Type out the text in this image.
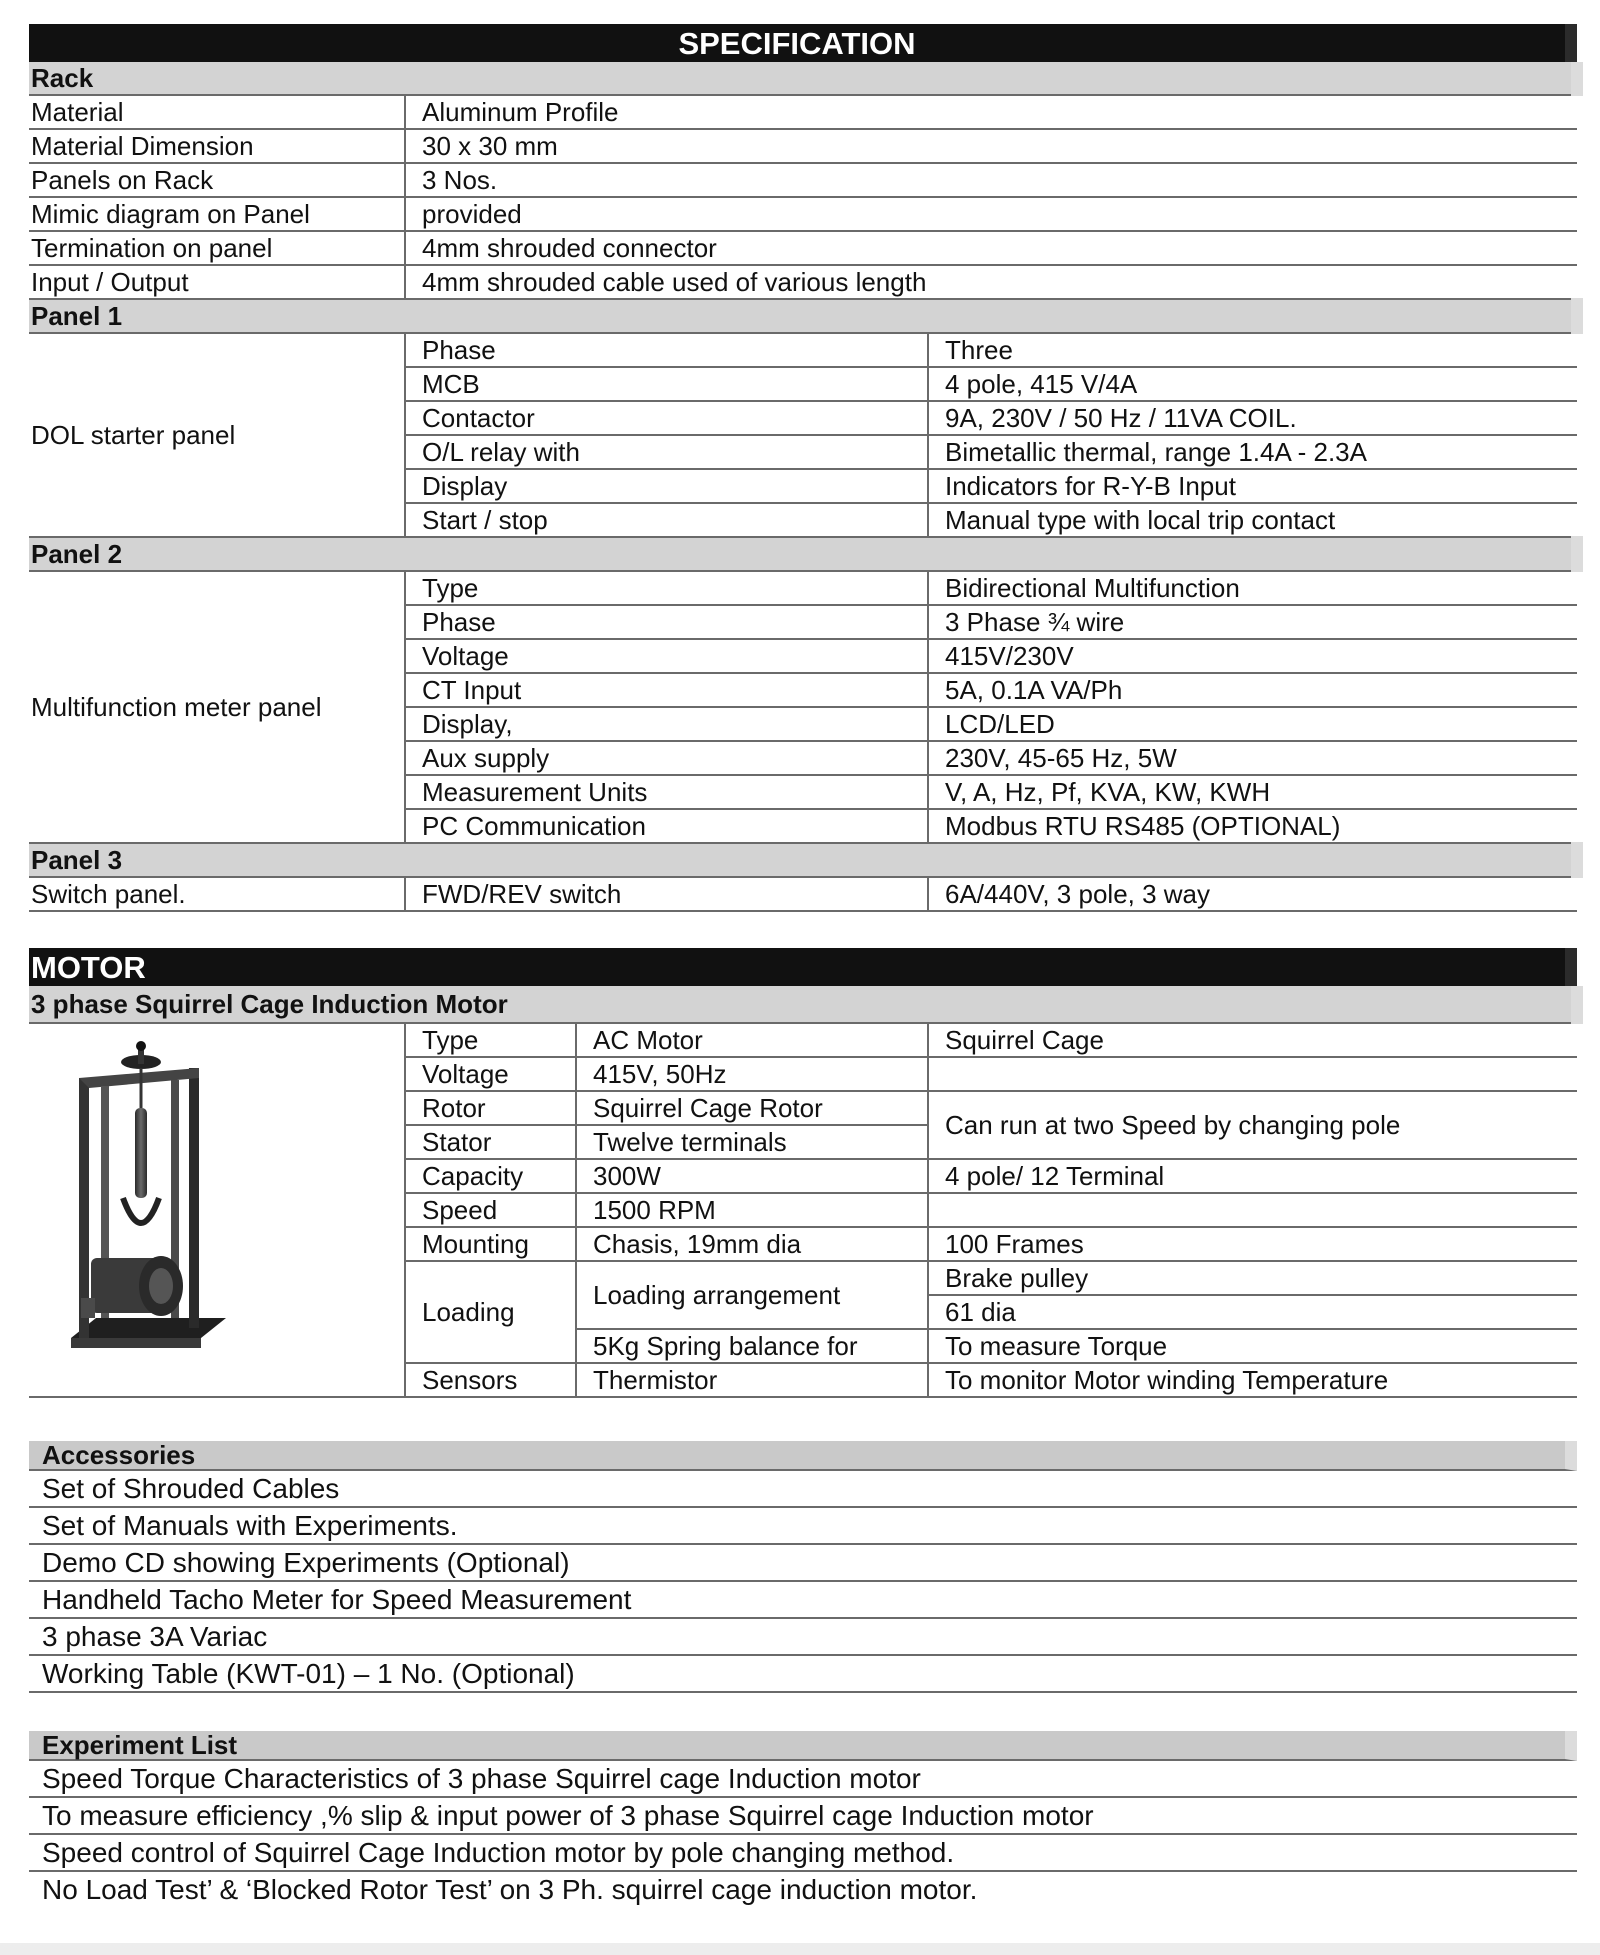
SPECIFICATION
Rack		
Material	Aluminum Profile	
Material Dimension	30 x 30 mm	
Panels on Rack	3 Nos.	
Mimic diagram on Panel	provided	
Termination on panel	4mm shrouded connector	
Input / Output	4mm shrouded cable used of various length	
Panel 1		
DOL starter panel	Phase	Three
	MCB	4 pole, 415 V/4A
	Contactor	9A, 230V / 50 Hz / 11VA COIL.
	O/L relay with	Bimetallic thermal, range 1.4A - 2.3A
	Display	Indicators for R-Y-B Input
	Start / stop	Manual type with local trip contact
Panel 2		
Multifunction meter panel	Type	Bidirectional Multifunction
	Phase	3 Phase ¾ wire
	Voltage	415V/230V
	CT Input	5A, 0.1A VA/Ph
	Display,	LCD/LED
	Aux supply	230V, 45-65 Hz, 5W
	Measurement Units	V, A, Hz, Pf, KVA, KW, KWH
	PC Communication	Modbus RTU RS485 (OPTIONAL)
Panel 3		
Switch panel.	FWD/REV switch	6A/440V, 3 pole, 3 way
MOTOR
3 phase Squirrel Cage Induction Motor			

	Type	AC Motor	Squirrel Cage
	Voltage	415V, 50Hz	
	Rotor	Squirrel Cage Rotor	Can run at two Speed by changing pole
	Stator	Twelve terminals	
	Capacity	300W	4 pole/ 12 Terminal
	Speed	1500 RPM	
	Mounting	Chasis, 19mm dia	100 Frames
	Loading	Loading arrangement	Brake pulley
			61 dia
		5Kg Spring balance for	To measure Torque
	Sensors	Thermistor	To monitor Motor winding Temperature
Accessories
Set of Shrouded Cables
Set of Manuals with Experiments.
Demo CD showing Experiments (Optional)
Handheld Tacho Meter for Speed Measurement
3 phase 3A Variac
Working Table (KWT-01) – 1 No. (Optional)
Experiment List
Speed Torque Characteristics of 3 phase Squirrel cage Induction motor
To measure efficiency ,% slip & input power of 3 phase Squirrel cage Induction motor
Speed control of Squirrel Cage Induction motor by pole changing method.
No Load Test’ & ‘Blocked Rotor Test’ on 3 Ph. squirrel cage induction motor.
